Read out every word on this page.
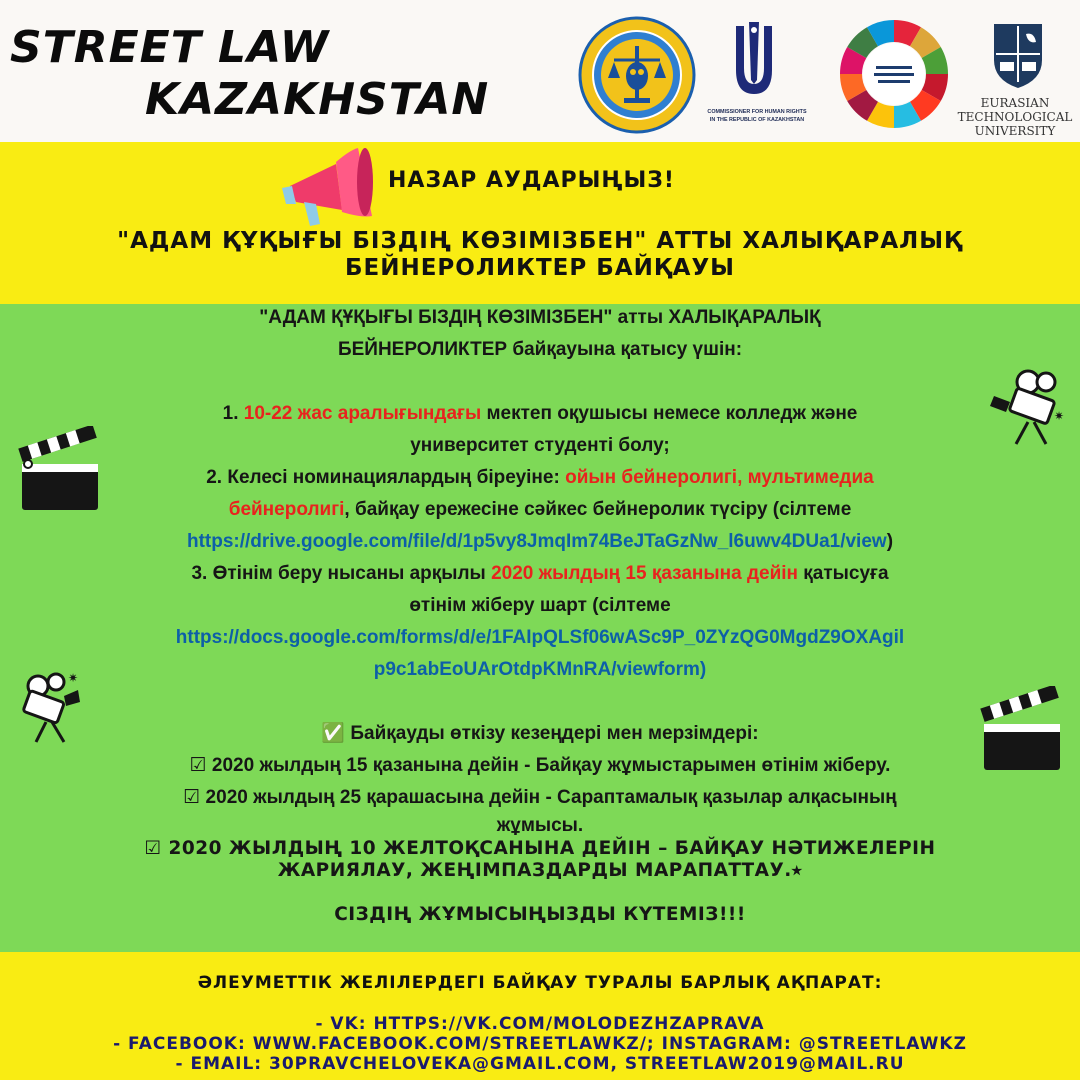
STREET LAW
KAZAKHSTAN	COMMISSIONER FOR HUMAN RIGHTS
IN THE REPUBLIC OF KAZAKHSTAN
EURASIAN
TECHNOLOGICAL
UNIVERSITY
НАЗАР АУДАРЫҢЫЗ!
"АДАМ ҚҰҚЫҒЫ БІЗДІҢ КӨЗІМІЗБЕН" АТТЫ ХАЛЫҚАРАЛЫҚ
БЕЙНЕРОЛИКТЕР БАЙҚАУЫ
✷
✷

"АДАМ ҚҰҚЫҒЫ БІЗДІҢ КӨЗІМІЗБЕН" атты ХАЛЫҚАРАЛЫҚ

БЕЙНЕРОЛИКТЕР байқауына қатысу үшін:

1. 10-22 жас аралығындағы мектеп оқушысы немесе колледж және

университет студенті болу;

2. Келесі номинациялардың біреуіне: ойын бейнеролигі, мультимедиа

бейнеролигі, байқау ережесіне сәйкес бейнеролик түсіру (сілтеме

https://drive.google.com/file/d/1p5vy8JmqIm74BeJTaGzNw_l6uwv4DUa1/view)

3. Өтінім беру нысаны арқылы 2020 жылдың 15 қазанына дейін қатысуға

өтінім жіберу шарт (сілтеме

https://docs.google.com/forms/d/e/1FAIpQLSf06wASc9P_0ZYzQG0MgdZ9OXAgil

p9c1abEoUArOtdpKMnRA/viewform)

✅ Байқауды өткізу кезеңдері мен мерзімдері:

☑ 2020 жылдың 15 қазанына дейін - Байқау жұмыстарымен өтінім жіберу.

☑ 2020 жылдың 25 қарашасына дейін - Сараптамалық қазылар алқасының

жұмысы.

☑ 2020 ЖЫЛДЫҢ 10 ЖЕЛТОҚСАНЫНА ДЕЙІН – БАЙҚАУ НӘТИЖЕЛЕРІН

ЖАРИЯЛАУ, ЖЕҢІМПАЗДАРДЫ МАРАПАТТАУ.⭑

СІЗДІҢ ЖҰМЫСЫҢЫЗДЫ КҮТЕМІЗ!!!

ӘЛЕУМЕТТІК ЖЕЛІЛЕРДЕГІ БАЙҚАУ ТУРАЛЫ БАРЛЫҚ АҚПАРАТ:
- VK: HTTPS://VK.COM/MOLODEZHZAPRAVA
- FACEBOOK: WWW.FACEBOOK.COM/STREETLAWKZ/; INSTAGRAM: @STREETLAWKZ
- EMAIL: 30PRAVCHELOVEKA@GMAIL.COM, STREETLAW2019@MAIL.RU
